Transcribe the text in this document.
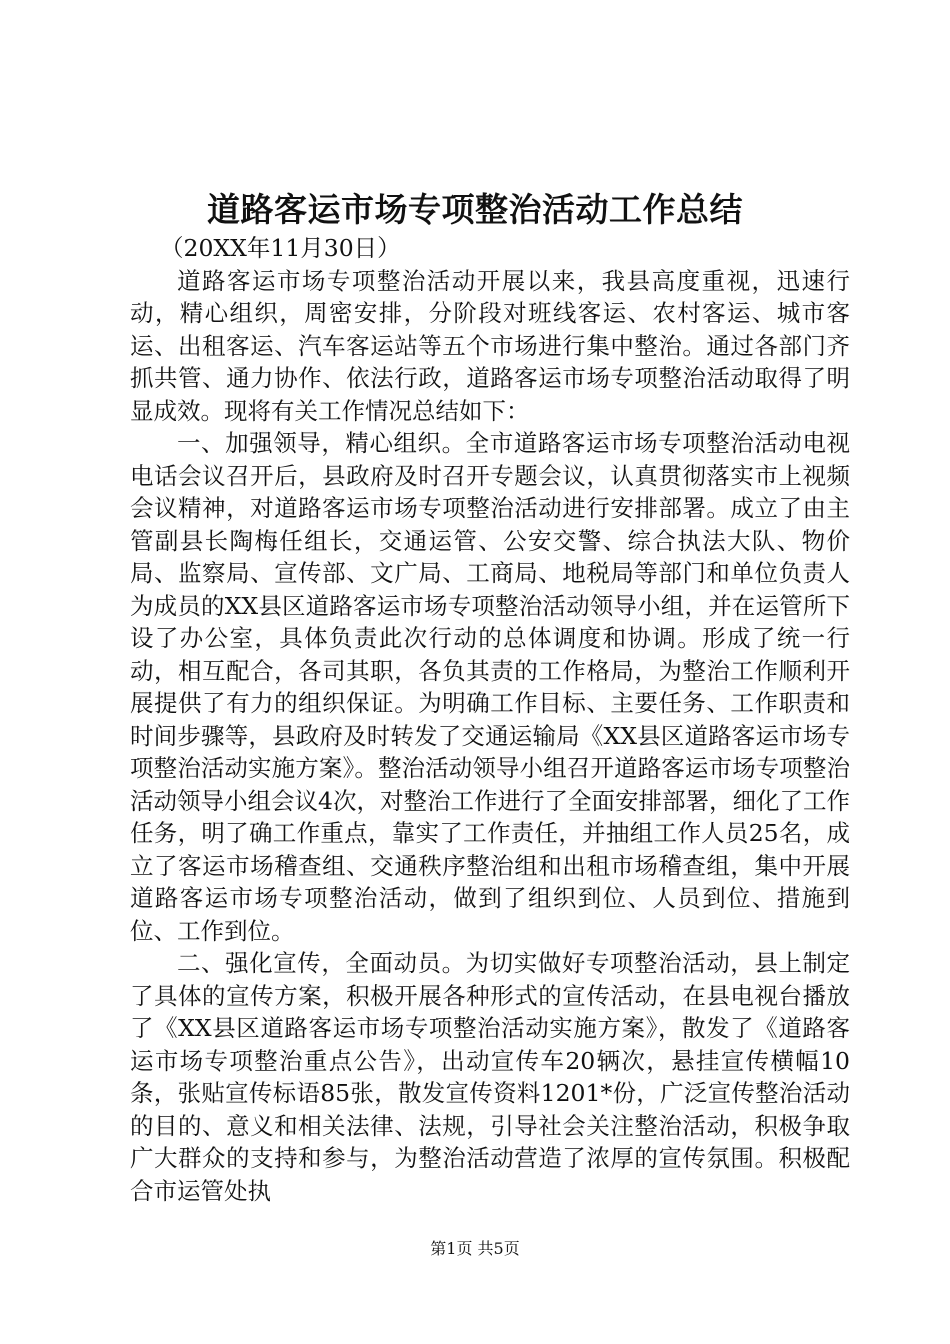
道路客运市场专项整治活动工作总结

（20XX年11月30日）

道路客运市场专项整治活动开展以来，我县高度重视，迅速行动，精心组织，周密安排，分阶段对班线客运、农村客运、城市客运、出租客运、汽车客运站等五个市场进行集中整治。通过各部门齐抓共管、通力协作、依法行政，道路客运市场专项整治活动取得了明显成效。现将有关工作情况总结如下：

一、加强领导，精心组织。全市道路客运市场专项整治活动电视电话会议召开后，县政府及时召开专题会议，认真贯彻落实市上视频会议精神，对道路客运市场专项整治活动进行安排部署。成立了由主管副县长陶梅任组长，交通运管、公安交警、综合执法大队、物价局、监察局、宣传部、文广局、工商局、地税局等部门和单位负责人为成员的XX县区道路客运市场专项整治活动领导小组，并在运管所下设了办公室，具体负责此次行动的总体调度和协调。形成了统一行动，相互配合，各司其职，各负其责的工作格局，为整治工作顺利开展提供了有力的组织保证。为明确工作目标、主要任务、工作职责和时间步骤等，县政府及时转发了交通运输局《XX县区道路客运市场专项整治活动实施方案》。整治活动领导小组召开道路客运市场专项整治活动领导小组会议4次，对整治工作进行了全面安排部署，细化了工作任务，明了确工作重点，靠实了工作责任，并抽组工作人员25名，成立了客运市场稽查组、交通秩序整治组和出租市场稽查组，集中开展道路客运市场专项整治活动，做到了组织到位、人员到位、措施到位、工作到位。

二、强化宣传，全面动员。为切实做好专项整治活动，县上制定了具体的宣传方案，积极开展各种形式的宣传活动，在县电视台播放了《XX县区道路客运市场专项整治活动实施方案》，散发了《道路客运市场专项整治重点公告》，出动宣传车20辆次，悬挂宣传横幅10条，张贴宣传标语85张，散发宣传资料1201*份，广泛宣传整治活动的目的、意义和相关法律、法规，引导社会关注整治活动，积极争取广大群众的支持和参与，为整治活动营造了浓厚的宣传氛围。积极配合市运管处执

第1页 共5页
